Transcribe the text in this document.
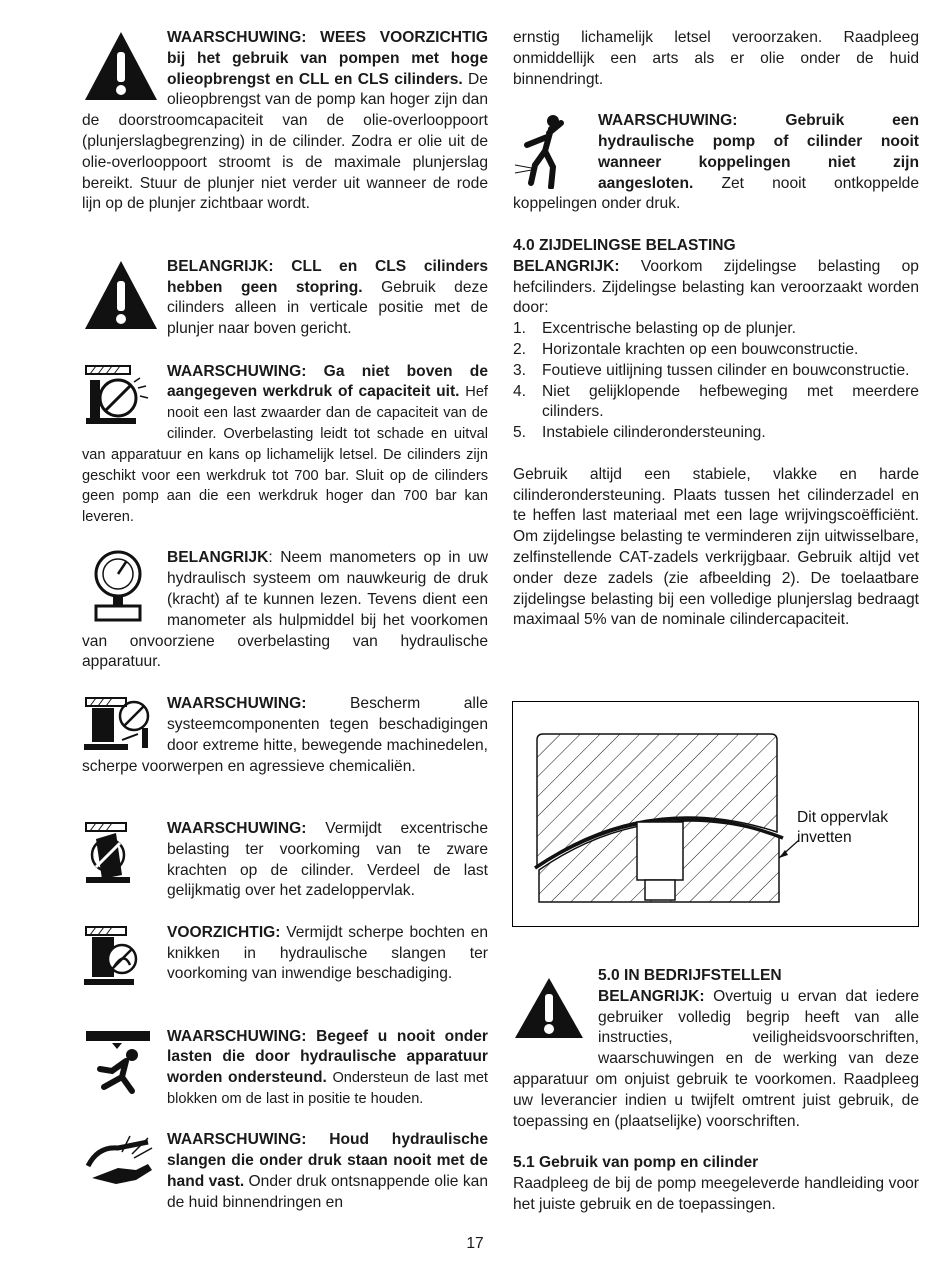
WAARSCHUWING: WEES VOORZICHTIG bij het gebruik van pompen met hoge olieopbrengst en CLL en CLS cilinders. De olieopbrengst van de pomp kan hoger zijn dan de doorstroomcapaciteit van de olie-overlooppoort (plunjerslagbegrenzing) in de cilinder. Zodra er olie uit de olie-overlooppoort stroomt is de maximale plunjerslag bereikt. Stuur de plunjer niet verder uit wanneer de rode lijn op de plunjer zichtbaar wordt.

BELANGRIJK: CLL en CLS cilinders hebben geen stopring. Gebruik deze cilinders alleen in verticale positie met de plunjer naar boven gericht.

WAARSCHUWING: Ga niet boven de aangegeven werkdruk of capaciteit uit. Hef nooit een last zwaarder dan de capaciteit van de cilinder. Overbelasting leidt tot schade en uitval van apparatuur en kans op lichamelijk letsel. De cilinders zijn geschikt voor een werkdruk tot 700 bar. Sluit op de cilinders geen pomp aan die een werkdruk hoger dan 700 bar kan leveren.

BELANGRIJK: Neem manometers op in uw hydraulisch systeem om nauwkeurig de druk (kracht) af te kunnen lezen. Tevens dient een manometer als hulpmiddel bij het voorkomen van onvoorziene overbelasting van hydraulische apparatuur.

WAARSCHUWING:	Bescherm alle systeemcomponenten tegen beschadigingen door extreme hitte, bewegende machinedelen, scherpe voorwerpen en agressieve chemicaliën.

WAARSCHUWING: Vermijdt excentrische belasting ter voorkoming van te zware krachten op de cilinder. Verdeel de last gelijkmatig over het zadeloppervlak.

VOORZICHTIG: Vermijdt scherpe bochten en knikken in hydraulische slangen ter voorkoming van inwendige beschadiging.

WAARSCHUWING: Begeef u nooit onder lasten die door hydraulische apparatuur worden ondersteund. Ondersteun de last met blokken om de last in positie te houden.

WAARSCHUWING: Houd hydraulische slangen die onder druk staan nooit met de hand vast. Onder druk ontsnappende olie kan de huid binnendringen en

ernstig lichamelijk letsel veroorzaken. Raadpleeg onmiddellijk een arts als er olie onder de huid binnendringt.

WAARSCHUWING: Gebruik een hydraulische pomp of cilinder nooit wanneer koppelingen niet zijn aangesloten. Zet nooit ontkoppelde koppelingen onder druk.

4.0 ZIJDELINGSE BELASTING

BELANGRIJK: Voorkom zijdelingse belasting op hefcilinders. Zijdelingse belasting kan veroorzaakt worden door:

1. Excentrische belasting op de plunjer.
2. Horizontale krachten op een bouwconstructie.
3. Foutieve uitlijning tussen cilinder en bouwconstructie.
4. Niet gelijklopende hefbeweging met meerdere cilinders.
5. Instabiele cilinderondersteuning.

Gebruik altijd een stabiele, vlakke en harde cilinderondersteuning. Plaats tussen het cilinderzadel en te heffen last materiaal met een lage wrijvingscoëfficiënt. Om zijdelingse belasting te verminderen zijn uitwisselbare, zelfinstellende CAT-zadels verkrijgbaar. Gebruik altijd vet onder deze zadels (zie afbeelding 2). De toelaatbare zijdelingse belasting bij een volledige plunjerslag bedraagt maximaal 5% van de nominale cilindercapaciteit.

Dit oppervlak
invetten
5.0 IN BEDRIJFSTELLEN

BELANGRIJK: Overtuig u ervan dat iedere gebruiker volledig begrip heeft van alle instructies, veiligheidsvoorschriften, waarschuwingen en de werking van deze apparatuur om onjuist gebruik te voorkomen. Raadpleeg uw leverancier indien u twijfelt omtrent juist gebruik, de toepassing en (plaatselijke) voorschriften.

5.1 Gebruik van pomp en cilinder

Raadpleeg de bij de pomp meegeleverde handleiding voor het juiste gebruik en de toepassingen.

17
